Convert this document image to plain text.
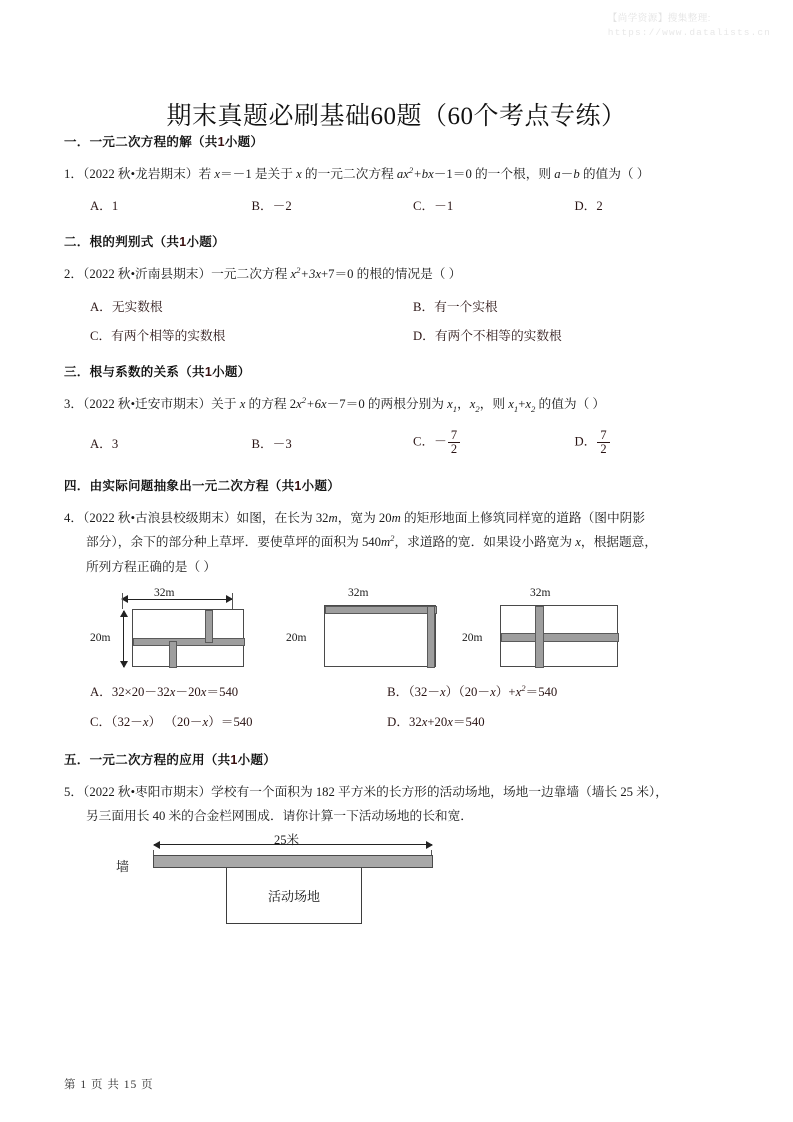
【尚学资源】搜集整理:
https://www.datalists.cn
期末真题必刷基础60题（60个考点专练）
一．一元二次方程的解（共1小题）
1．（2022 秋•龙岩期末）若 x＝－1 是关于 x 的一元二次方程 $ax^2+bx-1=0$ 的一个根，则 a－b 的值为（ ）
A．1	B．－2	C．－1	D．2
二．根的判别式（共1小题）
2．（2022 秋•沂南县期末）一元二次方程 $x^2+3x+7=0$ 的根的情况是（ ）
A．无实数根	B．有一个实根
C．有两个相等的实数根	D．有两个不相等的实数根
三．根与系数的关系（共1小题）
3．（2022 秋•迁安市期末）关于 x 的方程 $2x^2+6x-7=0$ 的两根分别为 $x_1$，$x_2$，则 $x_1+x_2$ 的值为（ ）
A．3	B．－3	C．－ $\frac{7}{2}$	D． $\frac{7}{2}$
四．由实际问题抽象出一元二次方程（共1小题）
4．（2022 秋•古浪县校级期末）如图，在长为 32m，宽为 20m 的矩形地面上修筑同样宽的道路（图中阴影
部分），余下的部分种上草坪．要使草坪的面积为 $540m^2$，求道路的宽．如果设小路宽为 x，根据题意，
所列方程正确的是（ ）
32m
20m
32m
20m
32m
20m
A．32×20－32x－20x＝540	B．$(32-x)(20-x)+x^2=540$
C．（32－x） （20－x）＝540	D．32x+20x＝540
五．一元二次方程的应用（共1小题）
5．（2022 秋•枣阳市期末）学校有一个面积为 182 平方米的长方形的活动场地，场地一边靠墙（墙长 25 米），
另三面用长 40 米的合金栏网围成．请你计算一下活动场地的长和宽．
墙
25米
活动场地
第 1 页 共 15 页
